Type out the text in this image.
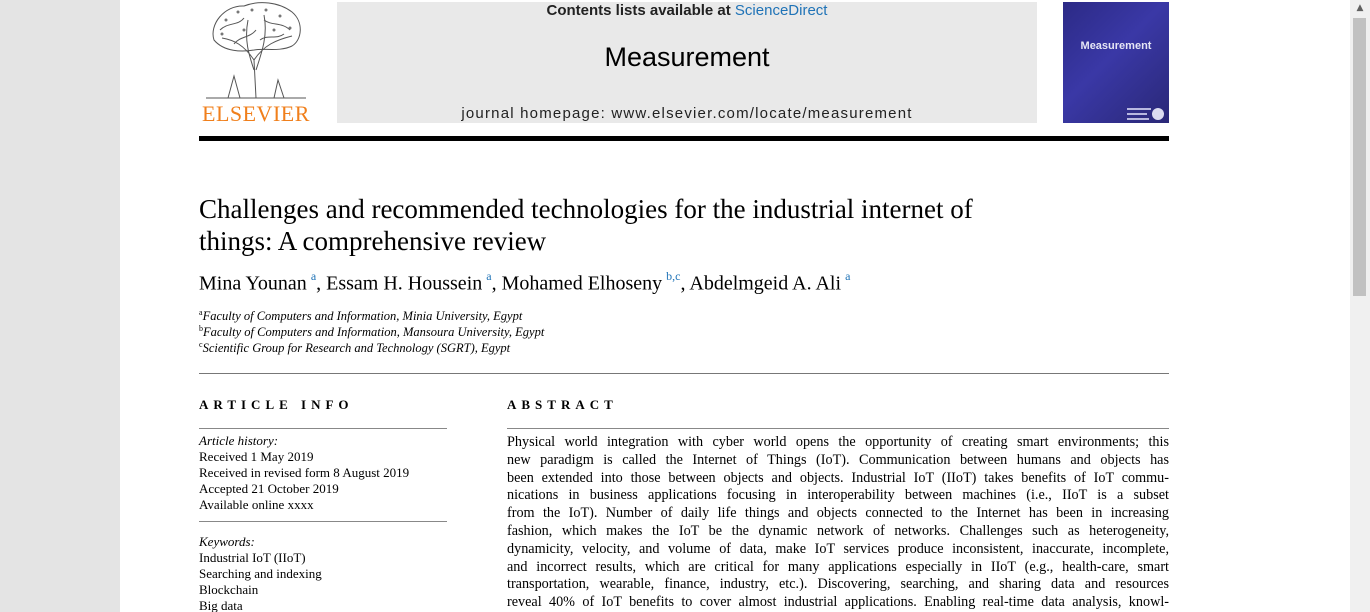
ELSEVIER
Contents lists available at ScienceDirect
Measurement
journal homepage: www.elsevier.com/locate/measurement
Measurement
Challenges and recommended technologies for the industrial internet of
things: A comprehensive review
Mina Younan  $^a$, Essam H. Houssein  $^a$, Mohamed Elhoseny  $^{b,c}$, Abdelmgeid A. Ali  $^a$
$^a$Faculty of Computers and Information, Minia University, Egypt
$^b$Faculty of Computers and Information, Mansoura University, Egypt
$^c$Scientific Group for Research and Technology (SGRT), Egypt
ARTICLE INFO	ABSTRACT
Article history:
Received 1 May 2019
Received in revised form 8 August 2019
Accepted 21 October 2019
Available online xxxx
Keywords:
Industrial IoT (IIoT)
Searching and indexing
Blockchain
Big data
Physical world integration with cyber world opens the opportunity of creating smart environments; this
new paradigm is called the Internet of Things (IoT). Communication between humans and objects has
been extended into those between objects and objects. Industrial IoT (IIoT) takes benefits of IoT commu-
nications in business applications focusing in interoperability between machines (i.e., IIoT is a subset
from the IoT). Number of daily life things and objects connected to the Internet has been in increasing
fashion, which makes the IoT be the dynamic network of networks. Challenges such as heterogeneity,
dynamicity, velocity, and volume of data, make IoT services produce inconsistent, inaccurate, incomplete,
and incorrect results, which are critical for many applications especially in IIoT (e.g., health-care, smart
transportation, wearable, finance, industry, etc.). Discovering, searching, and sharing data and resources
reveal 40% of IoT benefits to cover almost industrial applications. Enabling real-time data analysis, knowl-
▲
